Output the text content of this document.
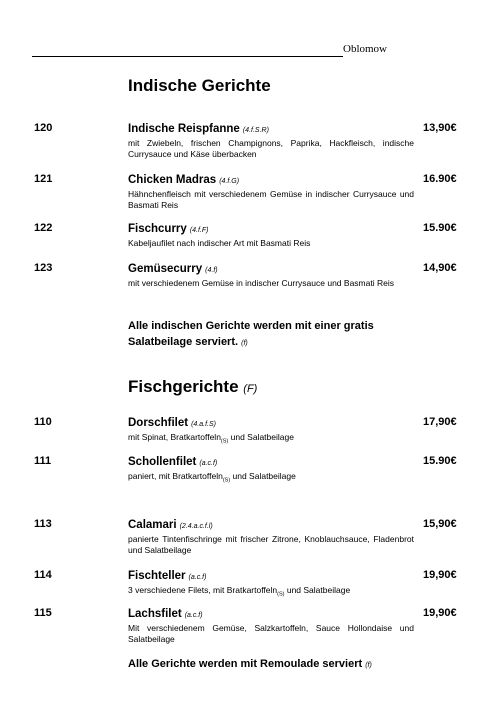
Oblomow
Indische Gerichte
120	Indische Reispfanne (4.f.S.R)
mit Zwiebeln, frischen Champignons, Paprika, Hackfleisch, indische Currysauce und Käse überbacken
13,90€
121	Chicken Madras (4.f.G)
Hähnchenfleisch mit verschiedenem Gemüse in indischer Currysauce und Basmati Reis
16.90€
122	Fischcurry (4.f.F)
Kabeljaufilet nach indischer Art mit Basmati Reis
15.90€
123	Gemüsecurry (4.f)
mit verschiedenem Gemüse in indischer Currysauce und Basmati Reis
14,90€
Alle indischen Gerichte werden mit einer gratis Salatbeilage serviert. (f)
Fischgerichte (F)
110	Dorschfilet (4.a.f.S)
mit Spinat, Bratkartoffeln$_{(S)}$ und Salatbeilage
17,90€
111	Schollenfilet (a.c.f)
paniert, mit Bratkartoffeln$_{(S)}$ und Salatbeilage
15.90€
113	Calamari (2.4.a.c.f.l)
panierte Tintenfischringe mit frischer Zitrone, Knoblauchsauce, Fladenbrot und Salatbeilage
15,90€
114	Fischteller (a.c.f)
3 verschiedene Filets, mit Bratkartoffeln$_{(S)}$ und Salatbeilage
19,90€
115	Lachsfilet (a.c.f)
Mit verschiedenem Gemüse, Salzkartoffeln, Sauce Hollondaise und Salatbeilage
19,90€
Alle Gerichte werden mit Remoulade serviert (f)
